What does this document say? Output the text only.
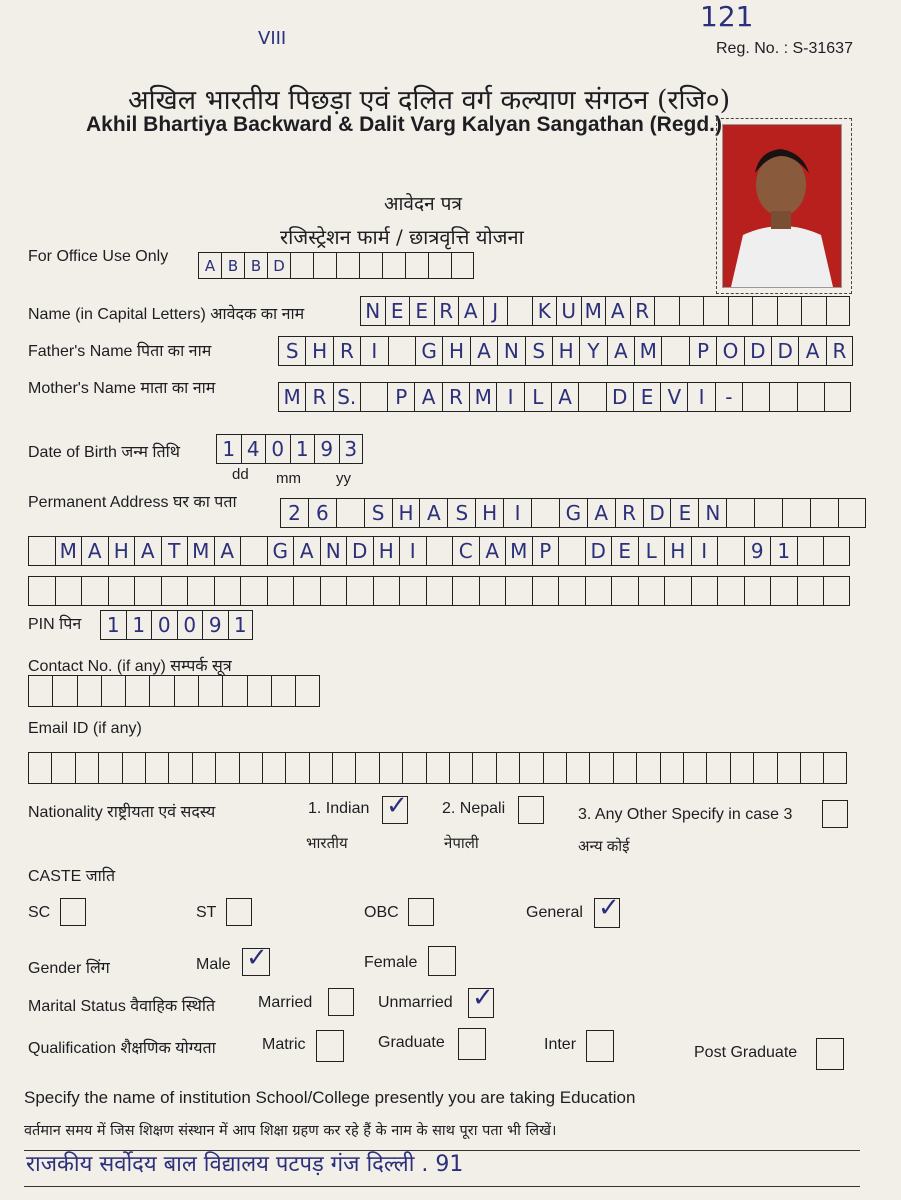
VIII
121
Reg. No. : S-31637
अखिल भारतीय पिछड़ा एवं दलित वर्ग कल्याण संगठन (रजि०)
Akhil Bhartiya Backward & Dalit Varg Kalyan Sangathan (Regd.)
आवेदन पत्र
रजिस्ट्रेशन फार्म / छात्रवृत्ति योजना
For Office Use Only	A B B D
Name (in Capital Letters) आवेदक का नाम	N E E R A J	K U M A R
Father's Name पिता का नाम	S H R I	G H A N S H Y A M	P O D D A R
Mother's Name माता का नाम	M R S.	P A R M I L A	D E V I	-
Date of Birth जन्म तिथि	1 4 0 1 9 3
dd mm yy
Permanent Address घर का पता	2 6	S H A S H I	G A R D E N
M A H A T M A	G A N D H I	C A M P	D E L H I	9 1
PIN पिन	1 1 0 0 9 1
Contact No. (if any) सम्पर्क सूत्र
Email ID (if any)
Nationality राष्ट्रीयता एवं सदस्य	1. Indian ✓
भारतीय
2. Nepali
नेपाली
3. Any Other Specify in case 3
अन्य कोई
CASTE जाति
SC	ST	OBC	General ✓
Gender लिंग	Male ✓	Female
Marital Status वैवाहिक स्थिति	Married	Unmarried ✓
Qualification शैक्षणिक योग्यता	Matric	Graduate	Inter	Post Graduate
Specify the name of institution School/College presently you are taking Education
वर्तमान समय में जिस शिक्षण संस्थान में आप शिक्षा ग्रहण कर रहे हैं के नाम के साथ पूरा पता भी लिखें।
राजकीय सर्वोदय बाल विद्यालय पटपड़ गंज दिल्ली . 91
